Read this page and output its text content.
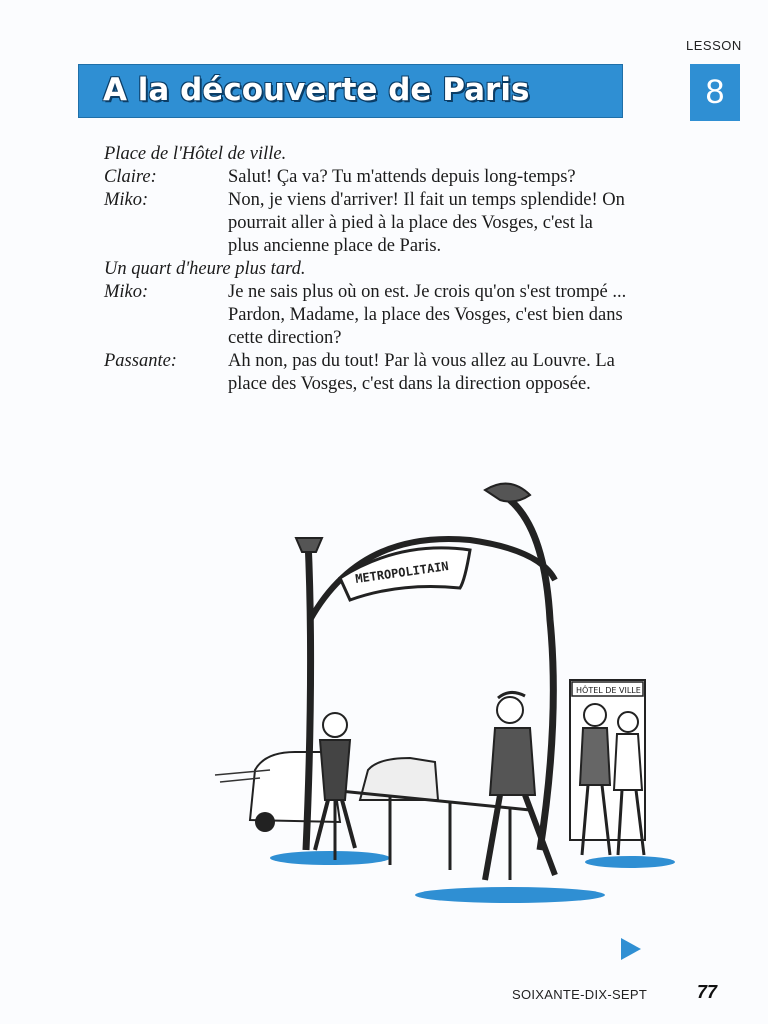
LESSON
A la découverte de Paris	8
Place de l'Hôtel de ville.
Claire:	Salut! Ça va? Tu m'attends depuis long-temps?
Miko:	Non, je viens d'arriver! Il fait un temps splendide! On pourrait aller à pied à la place des Vosges, c'est la plus ancienne place de Paris.
Un quart d'heure plus tard.
Miko:	Je ne sais plus où on est. Je crois qu'on s'est trompé ... Pardon, Madame, la place des Vosges, c'est bien dans cette direction?
Passante:	Ah non, pas du tout! Par là vous allez au Louvre. La place des Vosges, c'est dans la direction opposée.
METROPOLITAIN
HÔTEL DE VILLE
SOIXANTE-DIX-SEPT	77
